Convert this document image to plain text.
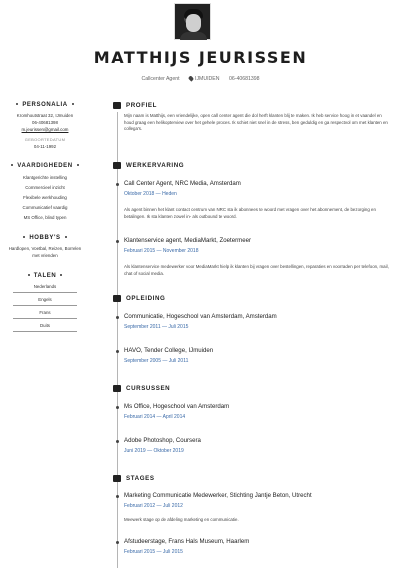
MATTHIJS JEURISSEN
Callcenter Agent	IJMUIDEN 06-40681398
PERSONALIA
Kromhoutstraat 32, IJmuiden
06-40681398
m.jeurissen@gmail.com
GEBOORTEDATUM
04-11-1992
VAARDIGHEDEN
Klantgerichte instelling
Commercieel inzicht
Flexibele werkhouding
Communicatief vaardig
MS Office, blind typen
HOBBY'S
Hardlopen, Voetbal, Reizen, Borrelen met vrienden
TALEN
Nederlands
Engels
Frans
Duits
PROFIEL
Mijn naam is Matthijs, een vriendelijke, open call center agent die dol herft klanten blij te maken. Ik heb service hoog in et vaandel en houd graag een helikopterview over het gehele proces. Ik schiet niet snel in de stress, ben geduldig en ga respectvol om met klanten en collega's.
WERKERVARING
Call Center Agent, NRC Media, Amsterdam
Oktober 2018 — Heden
Als agent binnen het klant contact centrum van NRC sta ik abonnees te woord met vragen over het abonnement, de bezorging en betalingen. Ik sta klanten zowel in- als outbound te woord.
Klantenservice agent, MediaMarkt, Zoetermeer
Februari 2015 — November 2018
Als klantenservice medewerker voor MediaMarkt hielp ik klanten bij vragen over bestellingen, reparaties en voorraden per telefoon, mail, chat of social media.
OPLEIDING
Communicatie, Hogeschool van Amsterdam, Amsterdam
September 2011 — Juli 2015
HAVO, Tender College, IJmuiden
September 2005 — Juli 2011
CURSUSSEN
Ms Office, Hogeschool van Amsterdam
Februari 2014 — April 2014
Adobe Photoshop, Coursera
Juni 2019 — Oktober 2019
STAGES
Marketing Communicatie Medewerker, Stichting Jantje Beton, Utrecht
Februari 2012 — Juli 2012
Meewerk stage op de afdeling marketing en communicatie.
Afstudeerstage, Frans Hals Museum, Haarlem
Februari 2015 — Juli 2015
